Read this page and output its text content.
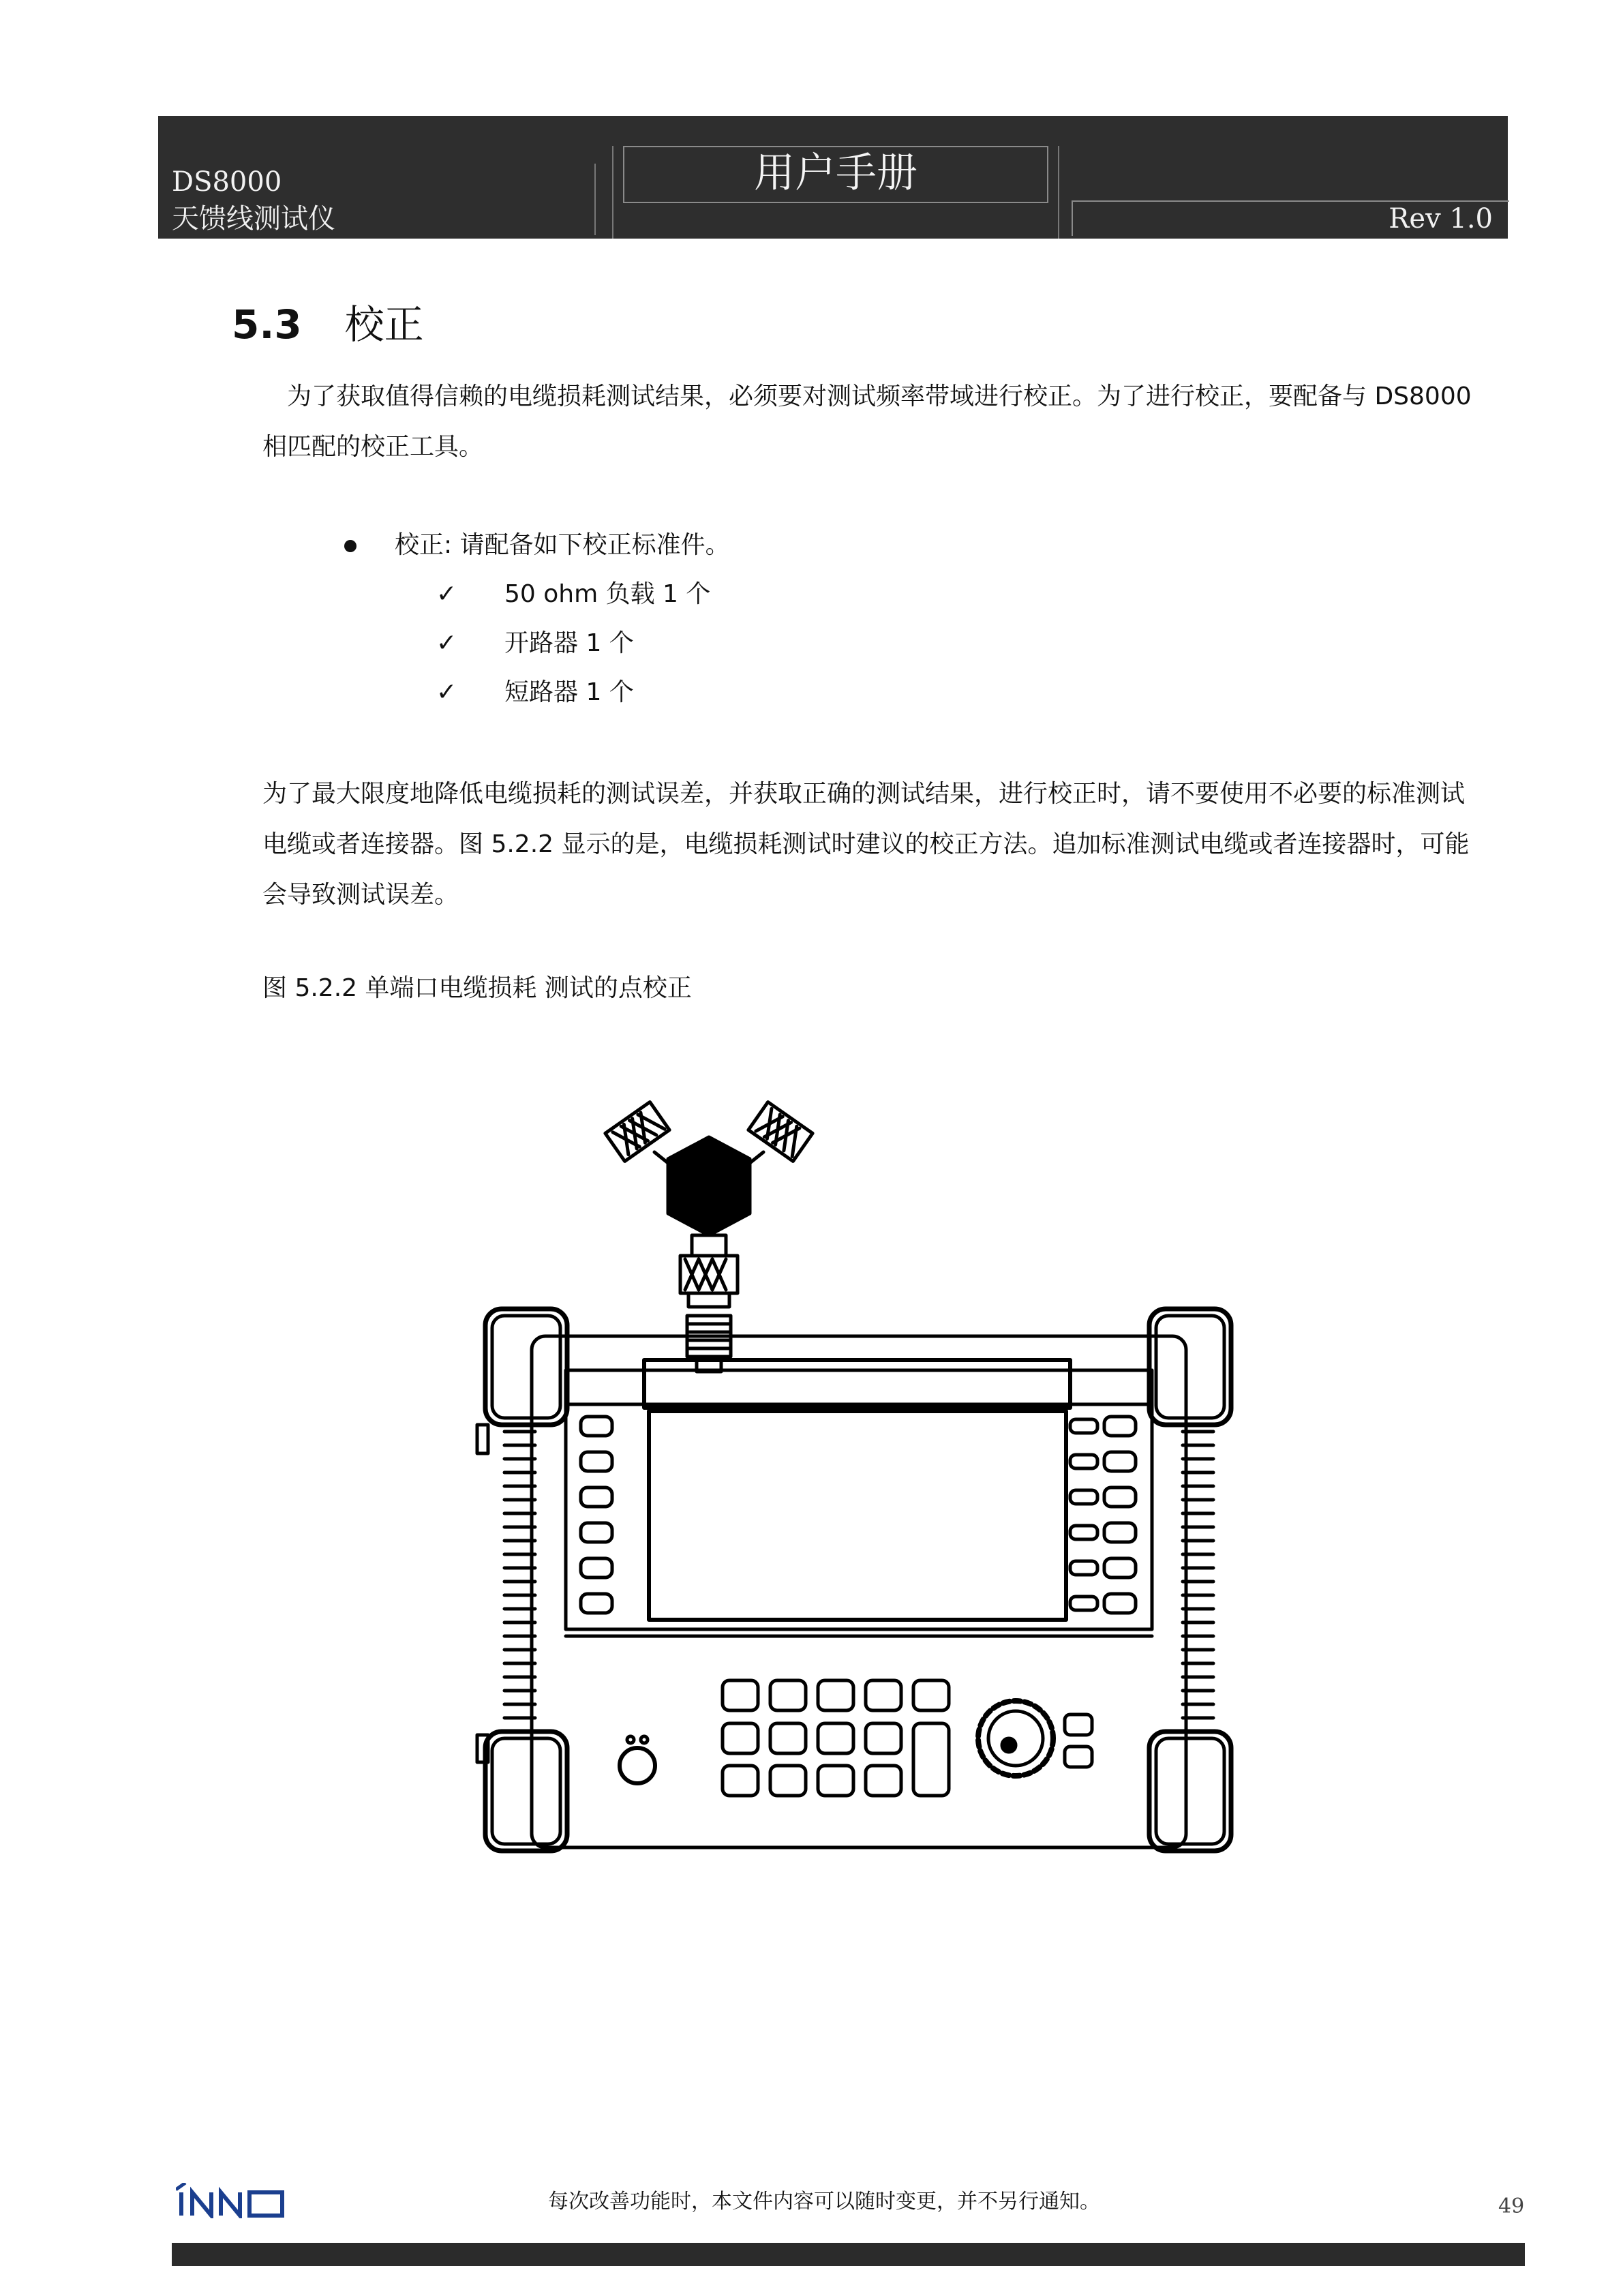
DS8000
天馈线测试仪
用户手册
Rev 1.0
5.3 校正
为了获取值得信赖的电缆损耗测试结果，必须要对测试频率带域进行校正。为了进行校正，要配备与 DS8000 相匹配的校正工具。
校正: 请配备如下校正标准件。
✓ 50 ohm 负载 1 个
✓ 开路器 1 个
✓ 短路器 1 个
为了最大限度地降低电缆损耗的测试误差，并获取正确的测试结果，进行校正时，请不要使用不必要的标准测试电缆或者连接器。图 5.2.2 显示的是，电缆损耗测试时建议的校正方法。追加标准测试电缆或者连接器时，可能会导致测试误差。
图 5.2.2 单端口电缆损耗 测试的点校正
每次改善功能时，本文件内容可以随时变更，并不另行通知。	49
